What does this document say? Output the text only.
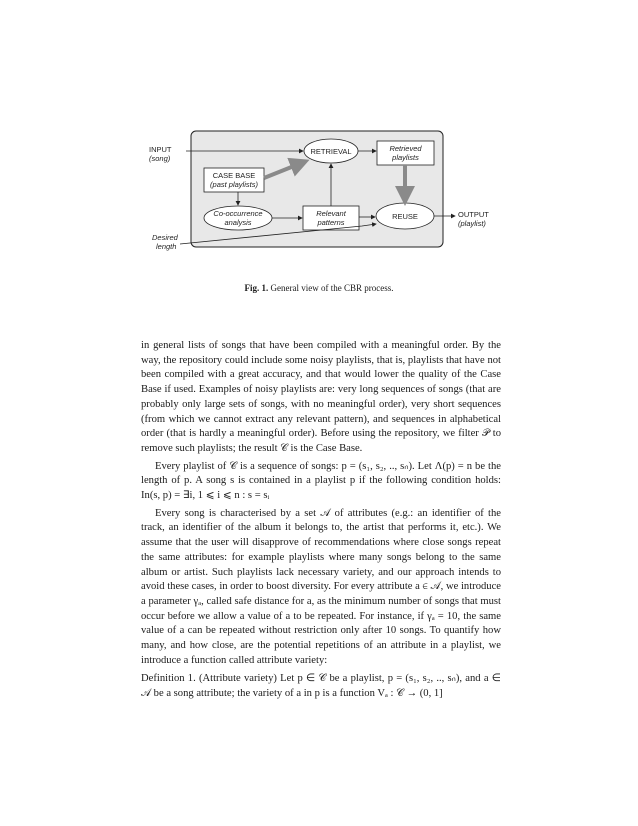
INPUT
(song)
CASE BASE
(past playlists)
RETRIEVAL	Retrieved
playlists
Co-occurrence
analysis
Relevant
patterns
REUSE	OUTPUT
(playlist)
Desired
length
Fig. 1. General view of the CBR process.

in general lists of songs that have been compiled with a meaningful order. By the way, the repository could include some noisy playlists, that is, playlists that have not been compiled with a great accuracy, and that would lower the quality of the Case Base if used. Examples of noisy playlists are: very long sequences of songs (that are probably only large sets of songs, with no meaningful order), very short sequences (from which we cannot extract any relevant pattern), and sequences in alphabetical order (that is hardly a meaningful order). Before using the repository, we filter 𝒫 to remove such playlists; the result 𝒞 is the Case Base.

Every playlist of 𝒞 is a sequence of songs: p = (s₁, s₂, .., sₙ). Let Λ(p) = n be the length of p. A song s is contained in a playlist p if the following condition holds: In(s, p) = ∃i, 1 ⩽ i ⩽ n : s = sᵢ

Every song is characterised by a set 𝒜 of attributes (e.g.: an identifier of the track, an identifier of the album it belongs to, the artist that performs it, etc.). We assume that the user will disapprove of recommendations where close songs repeat the same attributes: for example playlists where many songs belong to the same album or artist. Such playlists lack necessary variety, and our approach intends to avoid these cases, in order to boost diversity. For every attribute a ∈ 𝒜, we introduce a parameter γₐ, called safe distance for a, as the minimum number of songs that must occur before we allow a value of a to be repeated. For instance, if γₐ = 10, the same value of a can be repeated without restriction only after 10 songs. To quantify how many, and how close, are the potential repetitions of an attribute in a playlist, we introduce a function called attribute variety:

Definition 1. (Attribute variety) Let p ∈ 𝒞 be a playlist, p = (s₁, s₂, .., sₙ), and a ∈ 𝒜 be a song attribute; the variety of a in p is a function Vₐ : 𝒞 → (0, 1]
